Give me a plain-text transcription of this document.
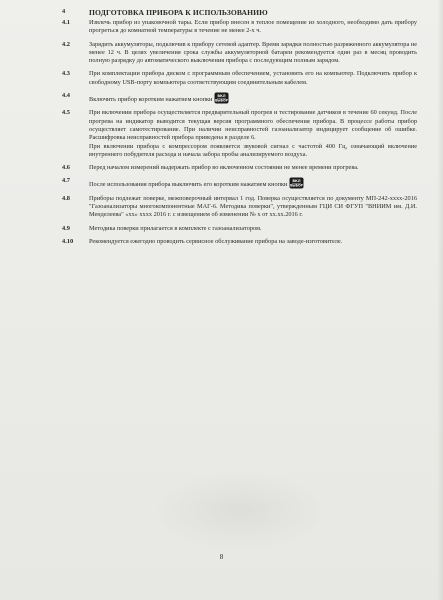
4	ПОДГОТОВКА ПРИБОРА К ИСПОЛЬЗОВАНИЮ
4.1	Извлечь прибор из упаковочной тары. Если прибор внесен в теплое помещение из холодного, необходимо дать прибору прогреться до комнатной температуры в течение не менее 2-х ч.

4.2	Зарядить аккумуляторы, подключив к прибору сетевой адаптер. Время зарядки полностью разряженного аккумулятора не менее 12 ч. В целях увеличения срока службы аккумуляторной батареи рекомендуется один раз в месяц проводить полную разрядку до автоматического выключения прибора с последующим полным зарядом.

4.3	При комплектации прибора диском с программным обеспечением, установить его на компьютер. Подключить прибор к свободному USB-порту компьютера соответствующим соединительным кабелем.

4.4

Включить прибор коротким нажатием кнопки ВКЛ
ВЫБОР

4.5	При включении прибора осуществляется предварительный прогрев и тестирование датчиков в течение 60 секунд. После прогрева на индикатор выводится текущая версия программного обеспечения прибора. В процессе работы прибор осуществляет самотестирование. При наличии неисправностей газоанализатор индицирует сообщение об ошибке. Расшифровка неисправностей прибора приведена в разделе 6.

При включении прибора с компрессором появляется звуковой сигнал с частотой 400 Гц, означающий включение внутреннего побудителя расхода и начала забора пробы анализируемого воздуха.

4.6	Перед началом измерений выдержать прибор во включенном состоянии не менее времени прогрева.

4.7

После использования прибора выключить его коротким нажатием кнопки ВКЛ
ВЫБОР

4.8	Приборы подлежат поверке, межповерочный интервал 1 год. Поверка осуществляется по документу МП-242-хххх-2016 "Газоанализаторы многокомпонентные МАГ-6. Методика поверки", утвержденным ГЦИ СИ ФГУП "ВНИИМ им. Д.И. Менделеева" «хх» хххх 2016 г. с извещением об изменении № х от хх.хх.2016 г.

4.9	Методика поверки прилагается в комплекте с газоанализатором.

4.10	Рекомендуется ежегодно проводить сервисное обслуживание прибора на заводе-изготовителе.

8
